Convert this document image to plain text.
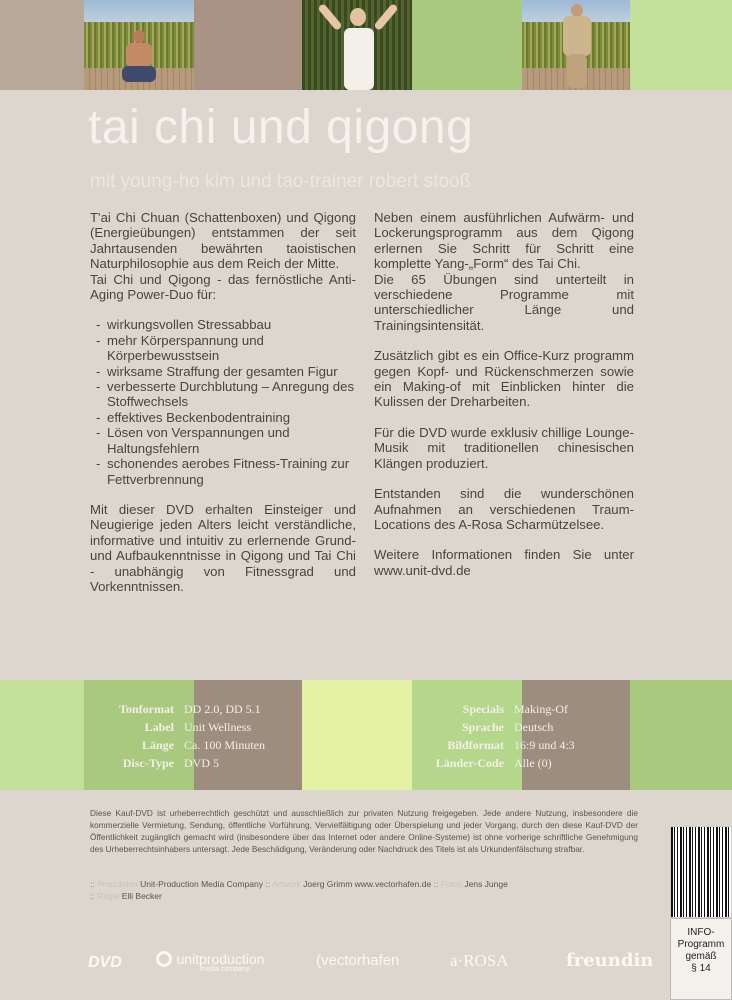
tai chi und qigong
mit young-ho kim und tao-trainer robert stooß

T'ai Chi Chuan (Schattenboxen) und Qigong (Energieübungen) entstammen der seit Jahrtausenden bewährten taoistischen Naturphilosophie aus dem Reich der Mitte.

Tai Chi und Qigong - das fernöstliche Anti-Aging Power-Duo für:

- wirkungsvollen Stressabbau
- mehr Körperspannung und Körperbewusstsein
- wirksame Straffung der gesamten Figur
- verbesserte Durchblutung – Anregung des Stoffwechsels
- effektives Beckenbodentraining
- Lösen von Verspannungen und Haltungsfehlern
- schonendes aerobes Fitness-Training zur Fettverbrennung

Mit dieser DVD erhalten Einsteiger und Neugierige jeden Alters leicht verständliche, informative und intuitiv zu erlernende Grund- und Aufbaukenntnisse in Qigong und Tai Chi - unabhängig von Fitnessgrad und Vorkenntnissen.

Neben einem ausführlichen Aufwärm- und Lockerungsprogramm aus dem Qigong erlernen Sie Schritt für Schritt eine komplette Yang-„Form“ des Tai Chi.

Die 65 Übungen sind unterteilt in verschiedene Programme mit unterschiedlicher Länge und Trainingsintensität.

Zusätzlich gibt es ein Office-Kurz programm gegen Kopf- und Rückenschmerzen sowie ein Making-of mit Einblicken hinter die Kulissen der Dreharbeiten.

Für die DVD wurde exklusiv chillige Lounge-Musik mit traditionellen chinesischen Klängen produziert.

Entstanden sind die wunderschönen Aufnahmen an verschiedenen Traum-Locations des A-Rosa Scharmützelsee.

Weitere Informationen finden Sie unter www.unit-dvd.de

Tonformat DD 2.0, DD 5.1
Label Unit Wellness
Länge Ca. 100 Minuten
Disc-Type DVD 5
Specials Making-Of
Sprache Deutsch
Bildformat 16:9 und 4:3
Länder-Code Alle (0)

Diese Kauf-DVD ist urheberrechtlich geschützt und ausschließlich zur privaten Nutzung freigegeben. Jede andere Nutzung, insbesondere die kommerzielle Vermietung, Sendung, öffentliche Vorführung, Vervielfältigung oder Überspielung und jeder Vorgang, durch den diese Kauf-DVD der Öffentlichkeit zugänglich gemacht wird (insbesondere über das Internet oder andere Online-Systeme) ist ohne vorherige schriftliche Genehmigung des Urheberrechtsinhabers untersagt. Jede Beschädigung, Veränderung oder Nachdruck des Titels ist als Urkundenfälschung strafbar.

:: Produktion Unit-Production Media Company :: Artwork Joerg Grimm www.vectorhafen.de :: Fotos Jens Junge
:: Regie Elli Becker
INFO-
Programm
gemäß
§ 14
DVD	unitproduction
media company
(vectorhafen	a·ROSA	freundin
